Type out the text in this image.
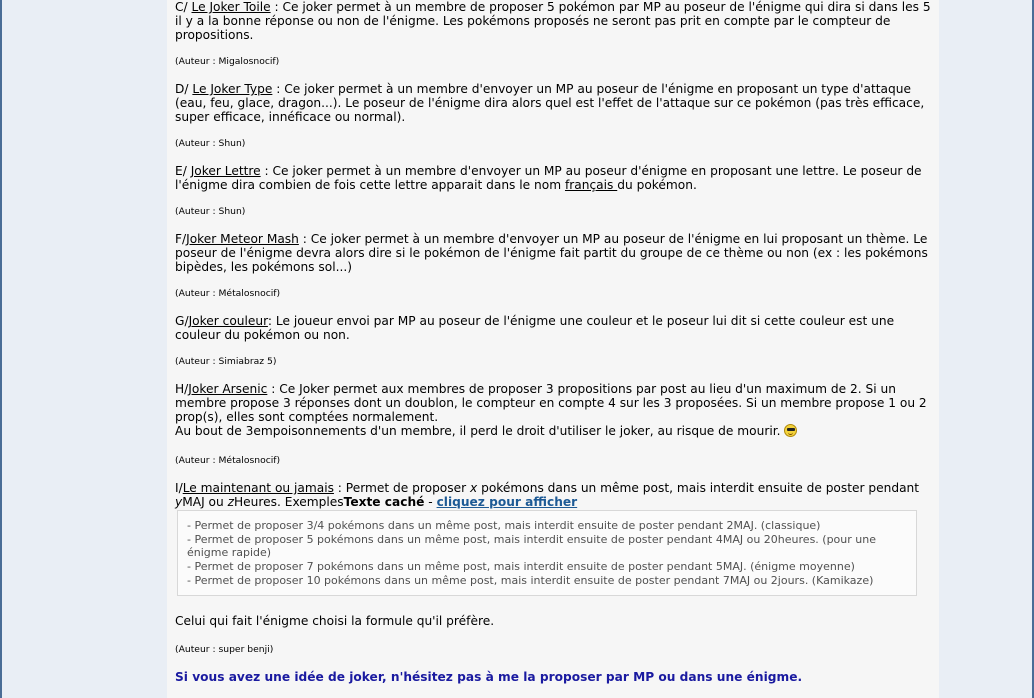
C/ Le Joker Toile : Ce joker permet à un membre de proposer 5 pokémon par MP au poseur de l'énigme qui dira si dans les 5 il y a la bonne réponse ou non de l'énigme. Les pokémons proposés ne seront pas prit en compte par le compteur de propositions.

(Auteur : Migalosnocif)

D/ Le Joker Type : Ce joker permet à un membre d'envoyer un MP au poseur de l'énigme en proposant un type d'attaque (eau, feu, glace, dragon...). Le poseur de l'énigme dira alors quel est l'effet de l'attaque sur ce pokémon (pas très efficace, super efficace, innéficace ou normal).

(Auteur : Shun)

E/ Joker Lettre : Ce joker permet à un membre d'envoyer un MP au poseur d'énigme en proposant une lettre. Le poseur de l'énigme dira combien de fois cette lettre apparait dans le nom français du pokémon.

(Auteur : Shun)

F/Joker Meteor Mash : Ce joker permet à un membre d'envoyer un MP au poseur de l'énigme en lui proposant un thème. Le poseur de l'énigme devra alors dire si le pokémon de l'énigme fait partit du groupe de ce thème ou non (ex : les pokémons bipèdes, les pokémons sol...)

(Auteur : Métalosnocif)

G/Joker couleur: Le joueur envoi par MP au poseur de l'énigme une couleur et le poseur lui dit si cette couleur est une couleur du pokémon ou non.

(Auteur : Simiabraz 5)

H/Joker Arsenic : Ce Joker permet aux membres de proposer 3 propositions par post au lieu d'un maximum de 2. Si un membre propose 3 réponses dont un doublon, le compteur en compte 4 sur les 3 proposées. Si un membre propose 1 ou 2 prop(s), elles sont comptées normalement.

Au bout de 3empoisonnements d'un membre, il perd le droit d'utiliser le joker, au risque de mourir.

(Auteur : Métalosnocif)

I/Le maintenant ou jamais : Permet de proposer x pokémons dans un même post, mais interdit ensuite de poster pendant yMAJ ou zHeures. ExemplesTexte caché - cliquez pour afficher

- Permet de proposer 3/4 pokémons dans un même post, mais interdit ensuite de poster pendant 2MAJ. (classique)
- Permet de proposer 5 pokémons dans un même post, mais interdit ensuite de poster pendant 4MAJ ou 20heures. (pour une énigme rapide)
- Permet de proposer 7 pokémons dans un même post, mais interdit ensuite de poster pendant 5MAJ. (énigme moyenne)
- Permet de proposer 10 pokémons dans un même post, mais interdit ensuite de poster pendant 7MAJ ou 2jours. (Kamikaze)

Celui qui fait l'énigme choisi la formule qu'il préfère.

(Auteur : super benji)

Si vous avez une idée de joker, n'hésitez pas à me la proposer par MP ou dans une énigme.
